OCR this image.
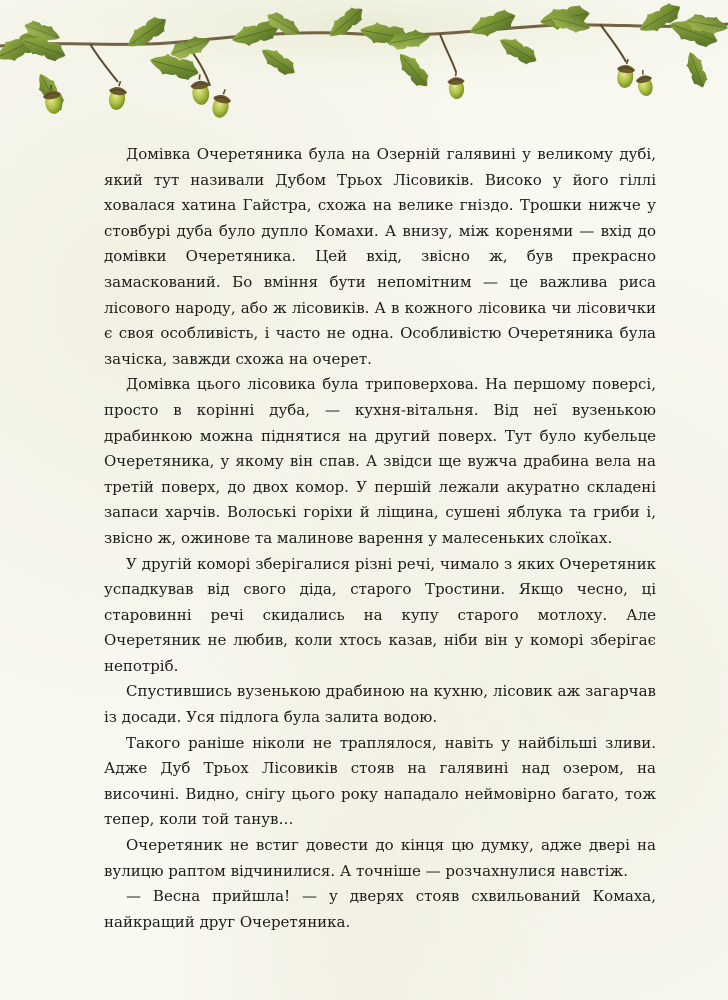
Домівка Очеретяника була на Озерній галявині у великому дубі, який тут називали Дубом Трьох Лісовиків. Високо у його гіллі ховалася хатина Гайстра, схожа на велике гніздо. Трошки нижче у стовбурі дуба було дупло Комахи. А внизу, між коренями — вхід до домівки Очеретяника. Цей вхід, звісно ж, був прекрасно замаскований. Бо вміння бути непомітним — це важлива риса лісового народу, або ж лісовиків. А в кожного лісовика чи лісовички є своя особливість, і часто не одна. Особливістю Очеретяника була зачіска, завжди схожа на очерет.

Домівка цього лісовика була триповерхова. На першому поверсі, просто в корінні дуба, — кухня-вітальня. Від неї вузенькою драбинкою можна піднятися на другий поверх. Тут було кубельце Очеретяника, у якому він спав. А звідси ще вужча драбина вела на третій поверх, до двох комор. У першій лежали акуратно складені запаси харчів. Волоські горіхи й ліщина, сушені яблука та гриби і, звісно ж, ожинове та малинове варення у малесеньких слоїках.

У другій коморі зберігалися різні речі, чимало з яких Очеретяник успадкував від свого діда, старого Тростини. Якщо чесно, ці старовинні речі скидались на купу старого мотлоху. Але Очеретяник не любив, коли хтось казав, ніби він у коморі зберігає непотріб.

Спустившись вузенькою драбиною на кухню, лісовик аж загарчав із досади. Уся підлога була залита водою.

Такого раніше ніколи не траплялося, навіть у найбільші зливи. Адже Дуб Трьох Лісовиків стояв на галявині над озером, на височині. Видно, снігу цього року нападало неймовірно багато, тож тепер, коли той танув…

Очеретяник не встиг довести до кінця цю думку, адже двері на вулицю раптом відчинилися. А точніше — розчахнулися навстіж.

— Весна прийшла! — у дверях стояв схвильований Комаха, найкращий друг Очеретяника.
